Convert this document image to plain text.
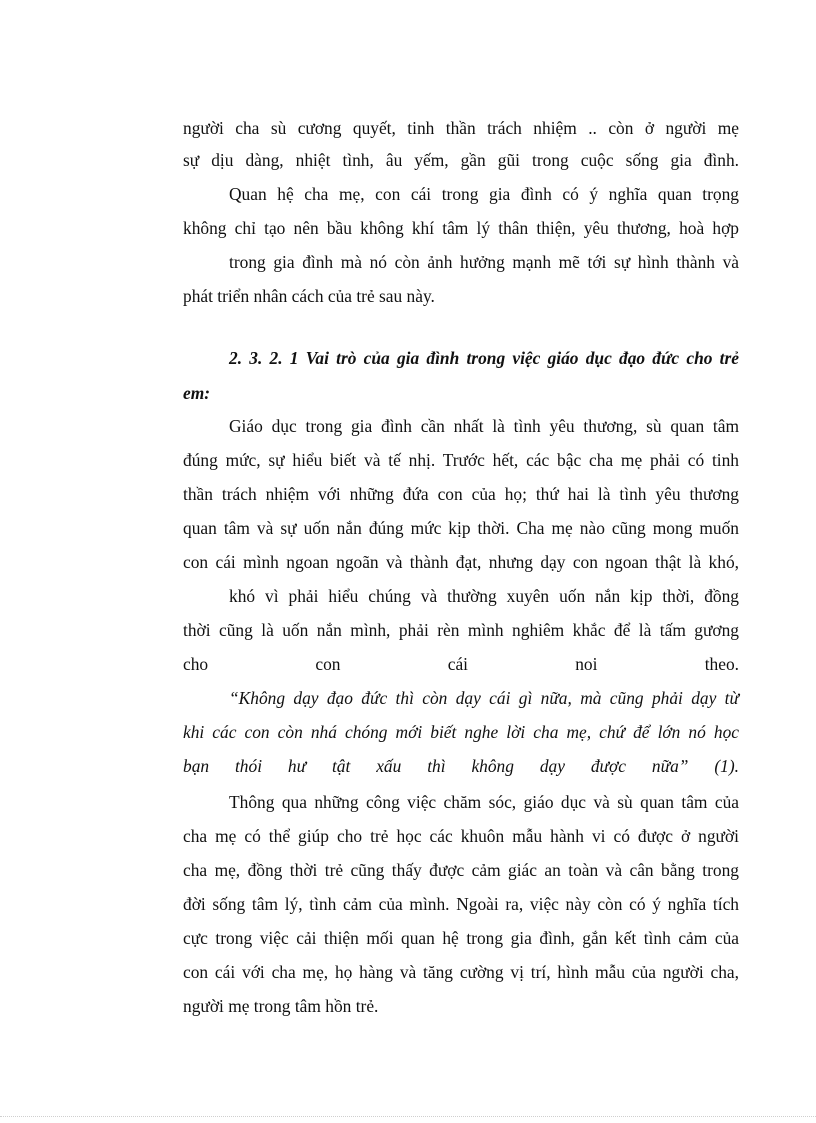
người cha sù cương quyết, tinh thần trách nhiệm .. còn ở người mẹ
sự dịu dàng, nhiệt tình, âu yếm, gần gũi trong cuộc sống gia đình.
Quan hệ cha mẹ, con cái trong gia đình có ý nghĩa quan trọng
không chỉ tạo nên bầu không khí tâm lý thân thiện, yêu thương, hoà hợp
trong gia đình mà nó còn ảnh hưởng mạnh mẽ tới sự hình thành và
phát triển nhân cách của trẻ sau này.
2. 3. 2. 1 Vai trò của gia đình trong việc giáo dục đạo đức cho trẻ
em:
Giáo dục trong gia đình cần nhất là tình yêu thương, sù quan tâm
đúng mức, sự hiểu biết và tế nhị. Trước hết, các bậc cha mẹ phải có tinh
thần trách nhiệm với những đứa con của họ; thứ hai là tình yêu thương
quan tâm và sự uốn nắn đúng mức kịp thời. Cha mẹ nào cũng mong muốn
con cái mình ngoan ngoãn và thành đạt, nhưng dạy con ngoan thật là khó,
khó vì phải hiểu chúng và thường xuyên uốn nắn kịp thời, đồng
thời cũng là uốn nắn mình, phải rèn mình nghiêm khắc để là tấm gương
cho	con	cái	noi	theo.
“Không dạy đạo đức thì còn dạy cái gì nữa, mà cũng phải dạy từ
khi các con còn nhá chóng mới biết nghe lời cha mẹ, chứ để lớn nó học
bạn thói hư tật xấu thì không dạy được nữa” (1).
Thông qua những công việc chăm sóc, giáo dục và sù quan tâm của
cha mẹ có thể giúp cho trẻ học các khuôn mẫu hành vi có được ở người
cha mẹ, đồng thời trẻ cũng thấy được cảm giác an toàn và cân bằng trong
đời sống tâm lý, tình cảm của mình. Ngoài ra, việc này còn có ý nghĩa tích
cực trong việc cải thiện mối quan hệ trong gia đình, gắn kết tình cảm của
con cái với cha mẹ, họ hàng và tăng cường vị trí, hình mẫu của người cha,
người mẹ trong tâm hồn trẻ.
